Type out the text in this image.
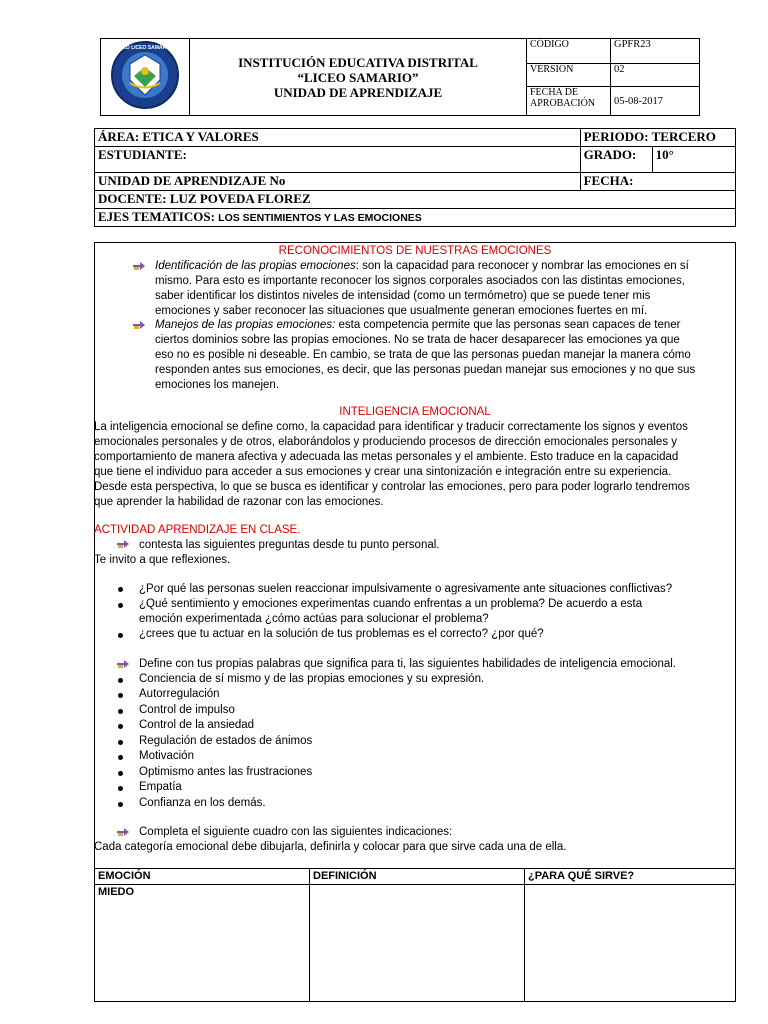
I.E.D LICEO SAMARIO	INSTITUCIÓN EDUCATIVA DISTRITAL
“LICEO SAMARIO”
UNIDAD DE APRENDIZAJE	CÓDIGO	GPFR23
		VERSION	02
		FECHA DE APROBACIÓN	05-08-2017
ÁREA: ETICA Y VALORES	PERIODO: TERCERO	
ESTUDIANTE:	GRADO:	10°
UNIDAD DE APRENDIZAJE No	FECHA:	
DOCENTE: LUZ POVEDA FLOREZ		
EJES TEMATICOS: LOS SENTIMIENTOS Y LAS EMOCIONES		
RECONOCIMIENTOS DE NUESTRAS EMOCIONES
Identificación de las propias emociones: son la capacidad para reconocer y nombrar las emociones en sí
mismo. Para esto es importante reconocer los signos corporales asociados con las distintas emociones,
saber identificar los distintos niveles de intensidad (como un termómetro) que se puede tener mis
emociones y saber reconocer las situaciones que usualmente generan emociones fuertes en mí.
Manejos de las propias emociones: esta competencia permite que las personas sean capaces de tener
ciertos dominios sobre las propias emociones. No se trata de hacer desaparecer las emociones ya que
eso no es posible ni deseable. En cambio, se trata de que las personas puedan manejar la manera cómo
responden antes sus emociones, es decir, que las personas puedan manejar sus emociones y no que sus
emociones los manejen.
INTELIGENCIA EMOCIONAL
La inteligencia emocional se define como, la capacidad para identificar y traducir correctamente los signos y eventos
emocionales personales y de otros, elaborándolos y produciendo procesos de dirección emocionales personales y
comportamiento de manera afectiva y adecuada las metas personales y el ambiente. Esto traduce en la capacidad
que tiene el individuo para acceder a sus emociones y crear una sintonización e integración entre su experiencia.
Desde esta perspectiva, lo que se busca es identificar y controlar las emociones, pero para poder lograrlo tendremos
que aprender la habilidad de razonar con las emociones.
ACTIVIDAD APRENDIZAJE EN CLASE.
contesta las siguientes preguntas desde tu punto personal.
Te invito a que reflexiones.
¿Por qué las personas suelen reaccionar impulsivamente o agresivamente ante situaciones conflictivas?
¿Qué sentimiento y emociones experimentas cuando enfrentas a un problema? De acuerdo a esta
emoción experimentada ¿cómo actúas para solucionar el problema?
¿crees que tu actuar en la solución de tus problemas es el correcto? ¿por qué?
Define con tus propias palabras que significa para ti, las siguientes habilidades de inteligencia emocional.
Conciencia de sí mismo y de las propias emociones y su expresión.
Autorregulación
Control de impulso
Control de la ansiedad
Regulación de estados de ánimos
Motivación
Optimismo antes las frustraciones
Empatía
Confianza en los demás.
Completa el siguiente cuadro con las siguientes indicaciones:
Cada categoría emocional debe dibujarla, definirla y colocar para que sirve cada una de ella.
EMOCIÓN	DEFINICIÓN	¿PARA QUÉ SIRVE?
MIEDO		
